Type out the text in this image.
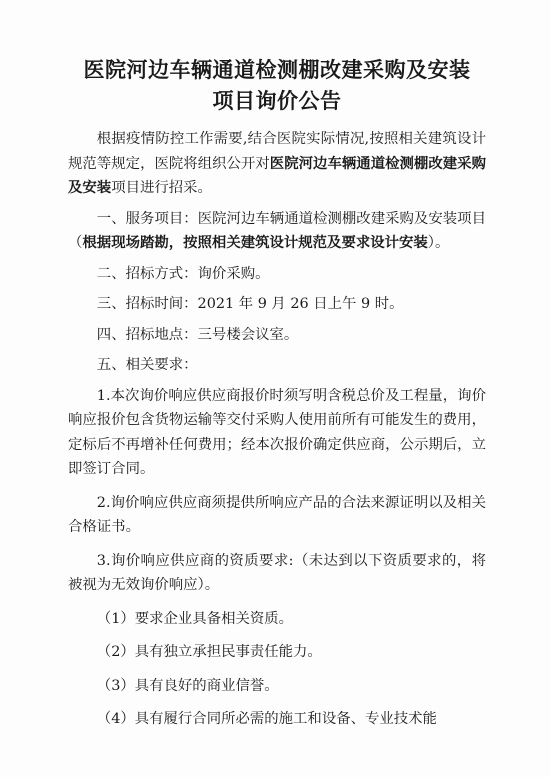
医院河边车辆通道检测棚改建采购及安装
项目询价公告

根据疫情防控工作需要,结合医院实际情况,按照相关建筑设计规范等规定，医院将组织公开对医院河边车辆通道检测棚改建采购及安装项目进行招采。

一、服务项目：医院河边车辆通道检测棚改建采购及安装项目（根据现场踏勘，按照相关建筑设计规范及要求设计安装）。

二、招标方式：询价采购。

三、招标时间：2021 年 9 月 26 日上午 9 时。

四、招标地点：三号楼会议室。

五、相关要求：

1.本次询价响应供应商报价时须写明含税总价及工程量，询价响应报价包含货物运输等交付采购人使用前所有可能发生的费用，定标后不再增补任何费用；经本次报价确定供应商，公示期后，立即签订合同。

2.询价响应供应商须提供所响应产品的合法来源证明以及相关合格证书。

3.询价响应供应商的资质要求:（未达到以下资质要求的，将被视为无效询价响应）。

（1）要求企业具备相关资质。

（2）具有独立承担民事责任能力。

（3）具有良好的商业信誉。

（4）具有履行合同所必需的施工和设备、专业技术能
